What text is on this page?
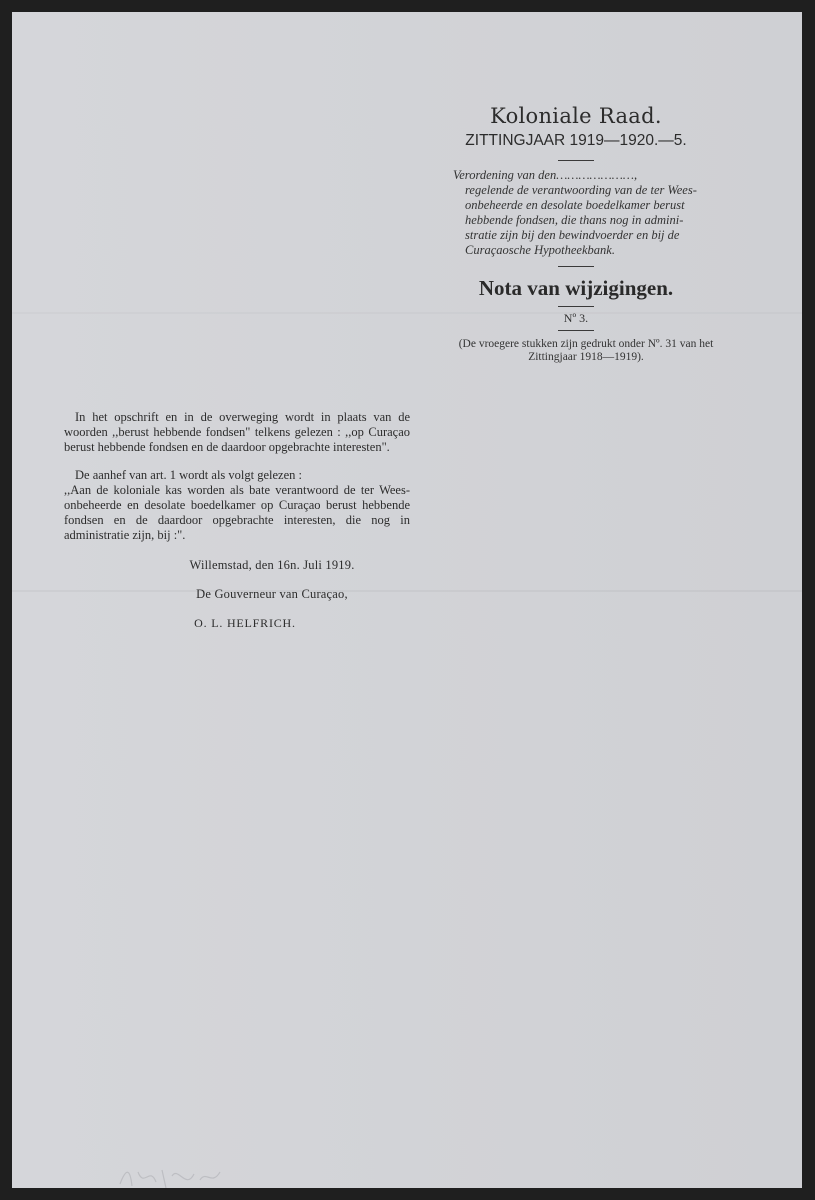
Koloniale Raad.

ZITTINGJAAR 1919—1920.—5.

Verordening van den…………………,

regelende de verantwoording van de ter Wees-
onbeheerde en desolate boedelkamer berust
hebbende fondsen, die thans nog in admini-
stratie zijn bij den bewindvoerder en bij de
Curaçaosche Hypotheekbank.

Nota van wijzigingen.

Nº 3.

(De vroegere stukken zijn gedrukt onder Nº. 31 van het Zittingjaar 1918—1919).

In het opschrift en in de overweging wordt in plaats van de woorden ,,berust hebbende fondsen" telkens gelezen : ,,op Curaçao berust hebbende fondsen en de daardoor opgebrachte interesten".

De aanhef van art. 1 wordt als volgt gelezen :

,,Aan de koloniale kas worden als bate verantwoord de ter Wees- onbeheerde en desolate boedelkamer op Curaçao berust hebbende fondsen en de daardoor opgebrachte interesten, die nog in administratie zijn, bij :".

Willemstad, den 16n. Juli 1919.

De Gouverneur van Curaçao,

O. L. HELFRICH.
